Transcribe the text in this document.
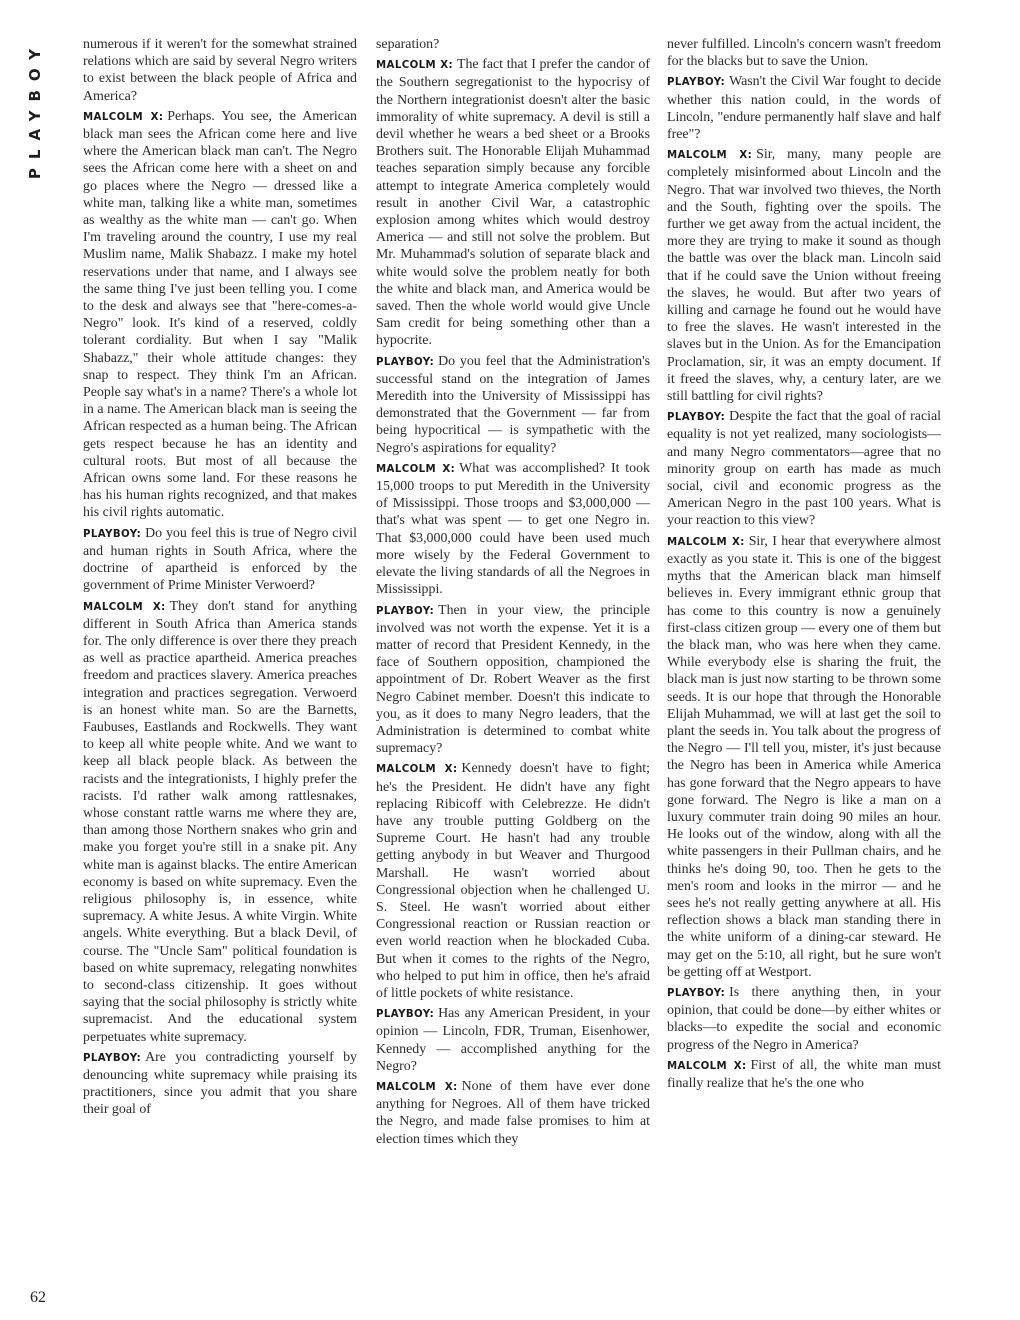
PLAYBOY
62

numerous if it weren't for the somewhat strained relations which are said by several Negro writers to exist between the black people of Africa and America?

MALCOLM X: Perhaps. You see, the American black man sees the African come here and live where the American black man can't. The Negro sees the African come here with a sheet on and go places where the Negro — dressed like a white man, talking like a white man, sometimes as wealthy as the white man — can't go. When I'm traveling around the country, I use my real Muslim name, Malik Shabazz. I make my hotel reservations under that name, and I always see the same thing I've just been telling you. I come to the desk and always see that "here-comes-a-Negro" look. It's kind of a reserved, coldly tolerant cordiality. But when I say "Malik Shabazz," their whole attitude changes: they snap to respect. They think I'm an African. People say what's in a name? There's a whole lot in a name. The American black man is seeing the African respected as a human being. The African gets respect because he has an identity and cultural roots. But most of all because the African owns some land. For these reasons he has his human rights recognized, and that makes his civil rights automatic.

PLAYBOY: Do you feel this is true of Negro civil and human rights in South Africa, where the doctrine of apartheid is enforced by the government of Prime Minister Verwoerd?

MALCOLM X: They don't stand for anything different in South Africa than America stands for. The only difference is over there they preach as well as practice apartheid. America preaches freedom and practices slavery. America preaches integration and practices segregation. Verwoerd is an honest white man. So are the Barnetts, Faubuses, Eastlands and Rockwells. They want to keep all white people white. And we want to keep all black people black. As between the racists and the integrationists, I highly prefer the racists. I'd rather walk among rattlesnakes, whose constant rattle warns me where they are, than among those Northern snakes who grin and make you forget you're still in a snake pit. Any white man is against blacks. The entire American economy is based on white supremacy. Even the religious philosophy is, in essence, white supremacy. A white Jesus. A white Virgin. White angels. White everything. But a black Devil, of course. The "Uncle Sam" political foundation is based on white supremacy, relegating nonwhites to second-class citizenship. It goes without saying that the social philosophy is strictly white supremacist. And the educational system perpetuates white supremacy.

PLAYBOY: Are you contradicting yourself by denouncing white supremacy while praising its practitioners, since you admit that you share their goal of

separation?

MALCOLM X: The fact that I prefer the candor of the Southern segregationist to the hypocrisy of the Northern integrationist doesn't alter the basic immorality of white supremacy. A devil is still a devil whether he wears a bed sheet or a Brooks Brothers suit. The Honorable Elijah Muhammad teaches separation simply because any forcible attempt to integrate America completely would result in another Civil War, a catastrophic explosion among whites which would destroy America — and still not solve the problem. But Mr. Muhammad's solution of separate black and white would solve the problem neatly for both the white and black man, and America would be saved. Then the whole world would give Uncle Sam credit for being something other than a hypocrite.

PLAYBOY: Do you feel that the Administration's successful stand on the integration of James Meredith into the University of Mississippi has demonstrated that the Government — far from being hypocritical — is sympathetic with the Negro's aspirations for equality?

MALCOLM X: What was accomplished? It took 15,000 troops to put Meredith in the University of Mississippi. Those troops and $3,000,000 — that's what was spent — to get one Negro in. That $3,000,000 could have been used much more wisely by the Federal Government to elevate the living standards of all the Negroes in Mississippi.

PLAYBOY: Then in your view, the principle involved was not worth the expense. Yet it is a matter of record that President Kennedy, in the face of Southern opposition, championed the appointment of Dr. Robert Weaver as the first Negro Cabinet member. Doesn't this indicate to you, as it does to many Negro leaders, that the Administration is determined to combat white supremacy?

MALCOLM X: Kennedy doesn't have to fight; he's the President. He didn't have any fight replacing Ribicoff with Celebrezze. He didn't have any trouble putting Goldberg on the Supreme Court. He hasn't had any trouble getting anybody in but Weaver and Thurgood Marshall. He wasn't worried about Congressional objection when he challenged U. S. Steel. He wasn't worried about either Congressional reaction or Russian reaction or even world reaction when he blockaded Cuba. But when it comes to the rights of the Negro, who helped to put him in office, then he's afraid of little pockets of white resistance.

PLAYBOY: Has any American President, in your opinion — Lincoln, FDR, Truman, Eisenhower, Kennedy — accomplished anything for the Negro?

MALCOLM X: None of them have ever done anything for Negroes. All of them have tricked the Negro, and made false promises to him at election times which they

never fulfilled. Lincoln's concern wasn't freedom for the blacks but to save the Union.

PLAYBOY: Wasn't the Civil War fought to decide whether this nation could, in the words of Lincoln, "endure permanently half slave and half free"?

MALCOLM X: Sir, many, many people are completely misinformed about Lincoln and the Negro. That war involved two thieves, the North and the South, fighting over the spoils. The further we get away from the actual incident, the more they are trying to make it sound as though the battle was over the black man. Lincoln said that if he could save the Union without freeing the slaves, he would. But after two years of killing and carnage he found out he would have to free the slaves. He wasn't interested in the slaves but in the Union. As for the Emancipation Proclamation, sir, it was an empty document. If it freed the slaves, why, a century later, are we still battling for civil rights?

PLAYBOY: Despite the fact that the goal of racial equality is not yet realized, many sociologists—and many Negro commentators—agree that no minority group on earth has made as much social, civil and economic progress as the American Negro in the past 100 years. What is your reaction to this view?

MALCOLM X: Sir, I hear that everywhere almost exactly as you state it. This is one of the biggest myths that the American black man himself believes in. Every immigrant ethnic group that has come to this country is now a genuinely first-class citizen group — every one of them but the black man, who was here when they came. While everybody else is sharing the fruit, the black man is just now starting to be thrown some seeds. It is our hope that through the Honorable Elijah Muhammad, we will at last get the soil to plant the seeds in. You talk about the progress of the Negro — I'll tell you, mister, it's just because the Negro has been in America while America has gone forward that the Negro appears to have gone forward. The Negro is like a man on a luxury commuter train doing 90 miles an hour. He looks out of the window, along with all the white passengers in their Pullman chairs, and he thinks he's doing 90, too. Then he gets to the men's room and looks in the mirror — and he sees he's not really getting anywhere at all. His reflection shows a black man standing there in the white uniform of a dining-car steward. He may get on the 5:10, all right, but he sure won't be getting off at Westport.

PLAYBOY: Is there anything then, in your opinion, that could be done—by either whites or blacks—to expedite the social and economic progress of the Negro in America?

MALCOLM X: First of all, the white man must finally realize that he's the one who
